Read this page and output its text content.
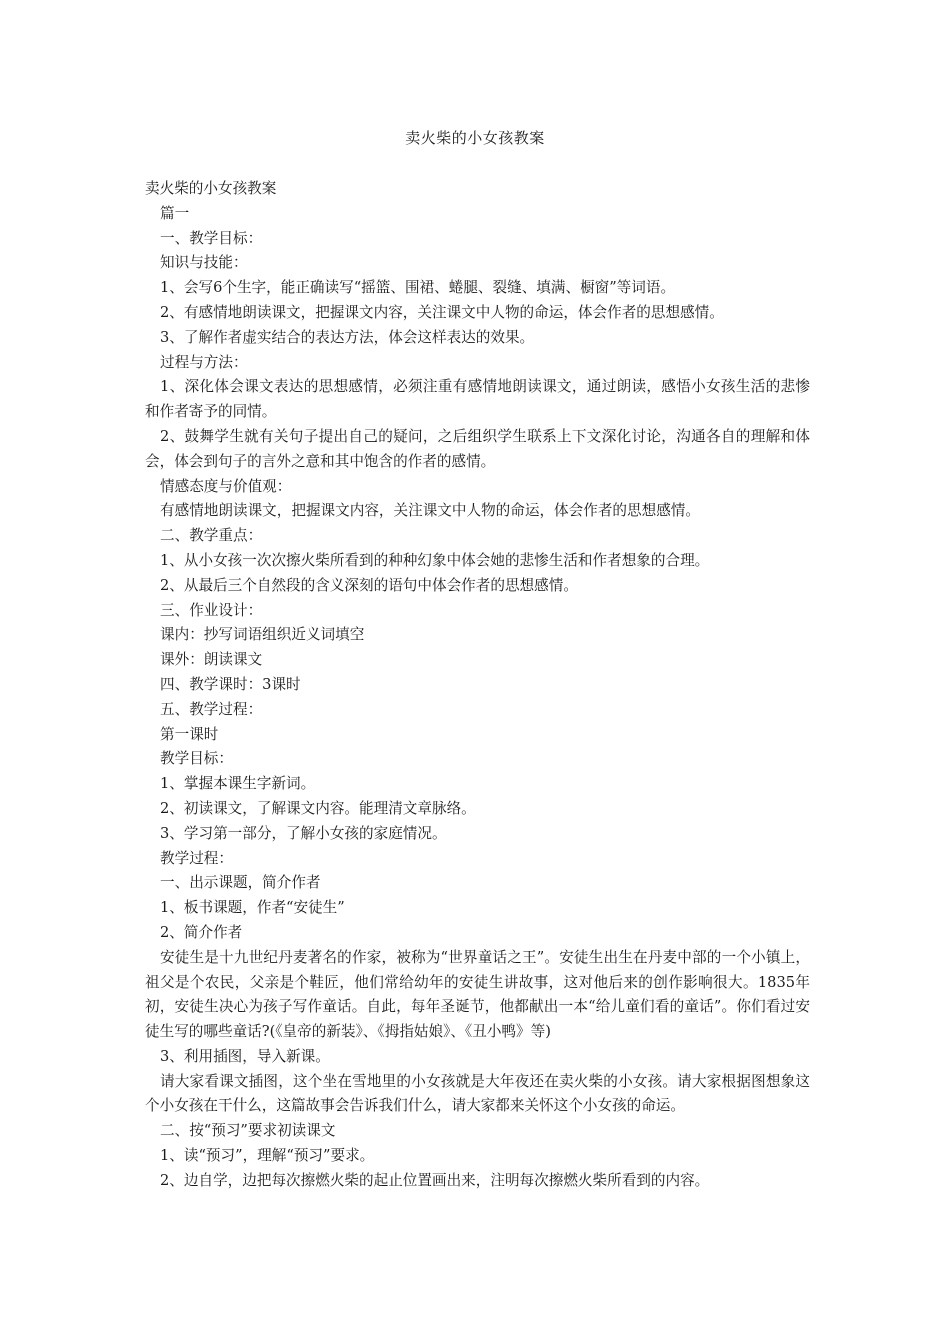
卖火柴的小女孩教案

卖火柴的小女孩教案

篇一

一、教学目标：

知识与技能：

1、会写6个生字，能正确读写“摇篮、围裙、蜷腿、裂缝、填满、橱窗”等词语。

2、有感情地朗读课文，把握课文内容，关注课文中人物的命运，体会作者的思想感情。

3、了解作者虚实结合的表达方法，体会这样表达的效果。

过程与方法：

1、深化体会课文表达的思想感情，必须注重有感情地朗读课文，通过朗读，感悟小女孩生活的悲惨和作者寄予的同情。

2、鼓舞学生就有关句子提出自己的疑问，之后组织学生联系上下文深化讨论，沟通各自的理解和体会，体会到句子的言外之意和其中饱含的作者的感情。

情感态度与价值观：

有感情地朗读课文，把握课文内容，关注课文中人物的命运，体会作者的思想感情。

二、教学重点：

1、从小女孩一次次擦火柴所看到的种种幻象中体会她的悲惨生活和作者想象的合理。

2、从最后三个自然段的含义深刻的语句中体会作者的思想感情。

三、作业设计：

课内：抄写词语组织近义词填空

课外：朗读课文

四、教学课时：3课时

五、教学过程：

第一课时

教学目标：

1、掌握本课生字新词。

2、初读课文，了解课文内容。能理清文章脉络。

3、学习第一部分，了解小女孩的家庭情况。

教学过程：

一、出示课题，简介作者

1、板书课题，作者“安徒生”

2、简介作者

安徒生是十九世纪丹麦著名的作家，被称为“世界童话之王”。安徒生出生在丹麦中部的一个小镇上，祖父是个农民，父亲是个鞋匠，他们常给幼年的安徒生讲故事，这对他后来的创作影响很大。1835年初，安徒生决心为孩子写作童话。自此，每年圣诞节，他都献出一本“给儿童们看的童话”。你们看过安徒生写的哪些童话?(《皇帝的新装》、《拇指姑娘》、《丑小鸭》等)

3、利用插图，导入新课。

请大家看课文插图，这个坐在雪地里的小女孩就是大年夜还在卖火柴的小女孩。请大家根据图想象这个小女孩在干什么，这篇故事会告诉我们什么，请大家都来关怀这个小女孩的命运。

二、按“预习”要求初读课文

1、读“预习”，理解“预习”要求。

2、边自学，边把每次擦燃火柴的起止位置画出来，注明每次擦燃火柴所看到的内容。
